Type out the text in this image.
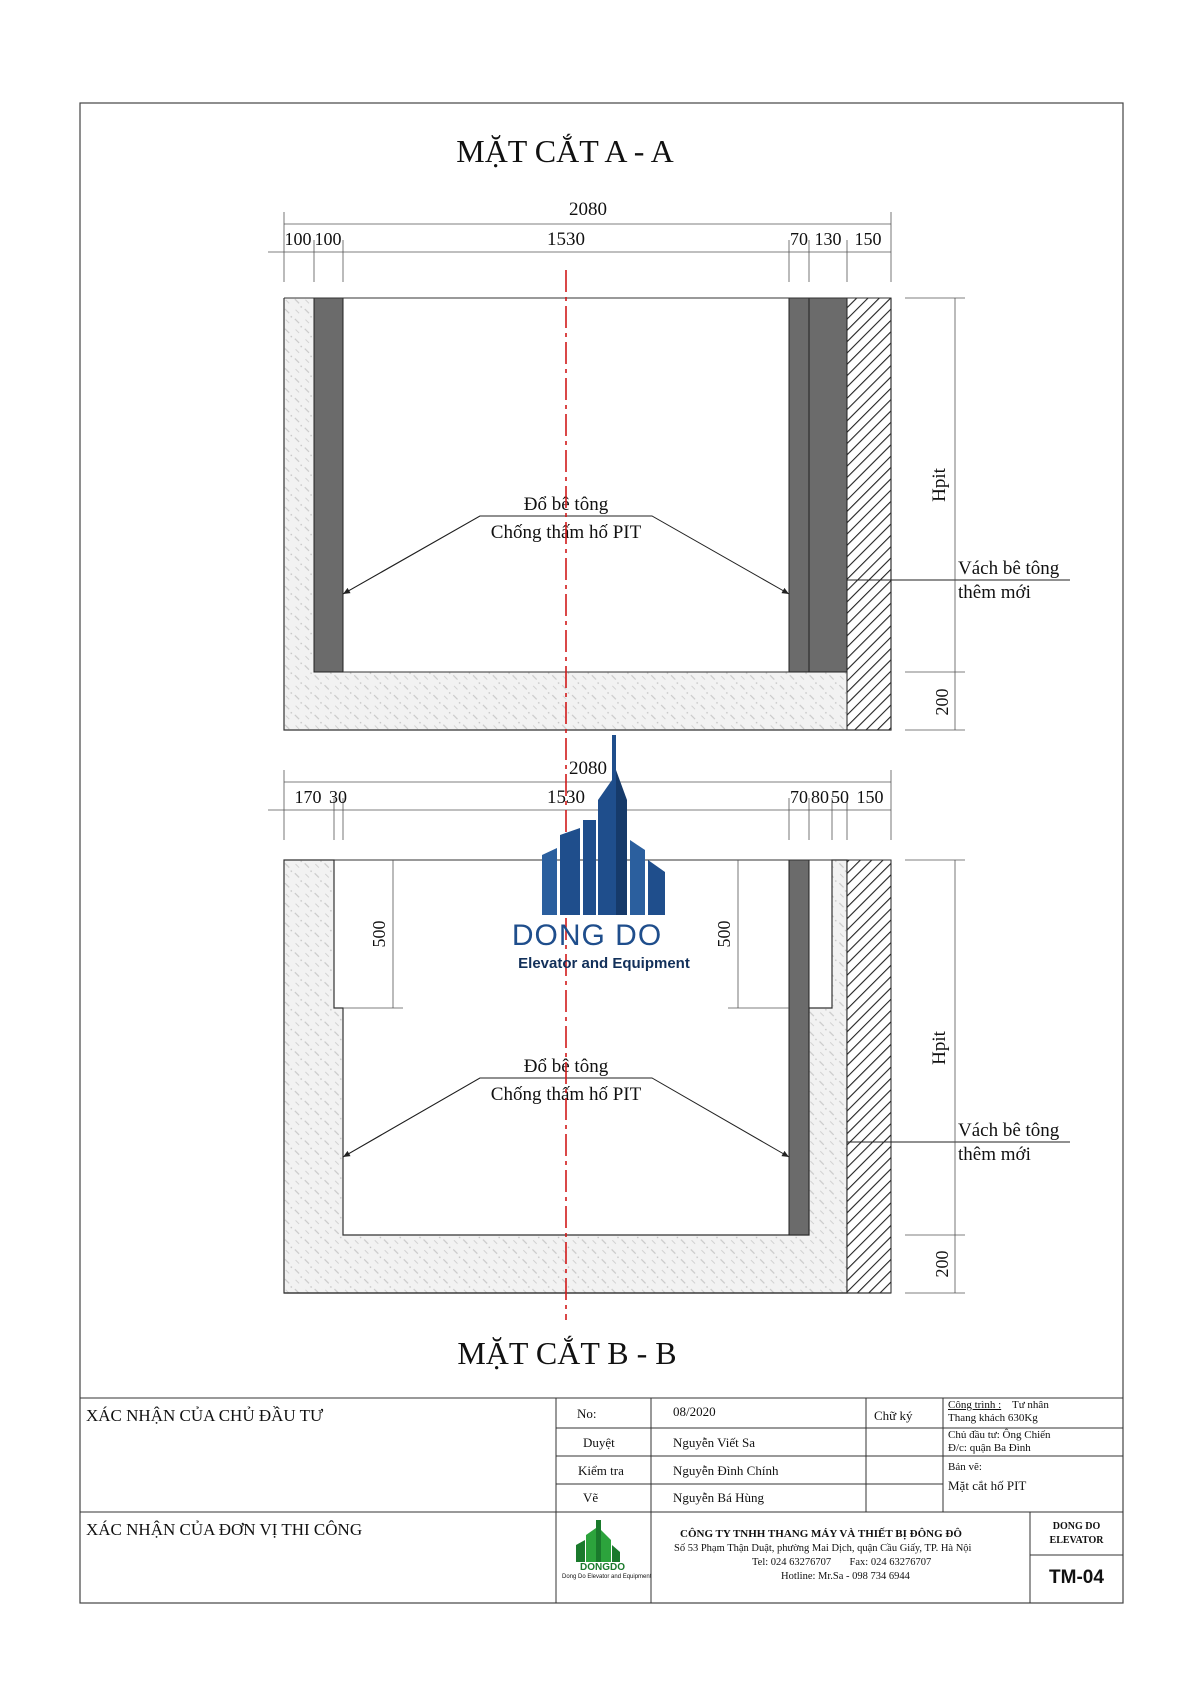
MẶT CẮT A - A
2080
100 100	1530	70 130 150
Đổ bê tông
Chống thấm hố PIT
Vách bê tông
thêm mới
Hpit
200
2080
170 30	1530	70 80 50 150
500	500
Đổ bê tông
Chống thấm hố PIT
Vách bê tông
thêm mới
Hpit
200
DONG DO
Elevator and Equipment
MẶT CẮT B - B
XÁC NHẬN CỦA CHỦ ĐẦU TƯ
XÁC NHẬN CỦA ĐƠN VỊ THI CÔNG
No:	08/2020	Chữ ký
Duyệt	Nguyễn Viết Sa
Kiểm tra	Nguyễn Đình Chính
Vẽ	Nguyễn Bá Hùng
Công trình : Tư nhân
Thang khách 630Kg
Chủ đầu tư: Ông Chiến
Đ/c: quận Ba Đình
Bản vẽ:
Mặt cắt hố PIT
DONGDO
Dong Do Elevator and Equipment
CÔNG TY TNHH THANG MÁY VÀ THIẾT BỊ ĐÔNG ĐÔ
Số 53 Phạm Thận Duật, phường Mai Dịch, quận Cầu Giấy, TP. Hà Nội
Tel: 024 63276707       Fax: 024 63276707
Hotline: Mr.Sa - 098 734 6944
DONG DO
ELEVATOR
TM-04
